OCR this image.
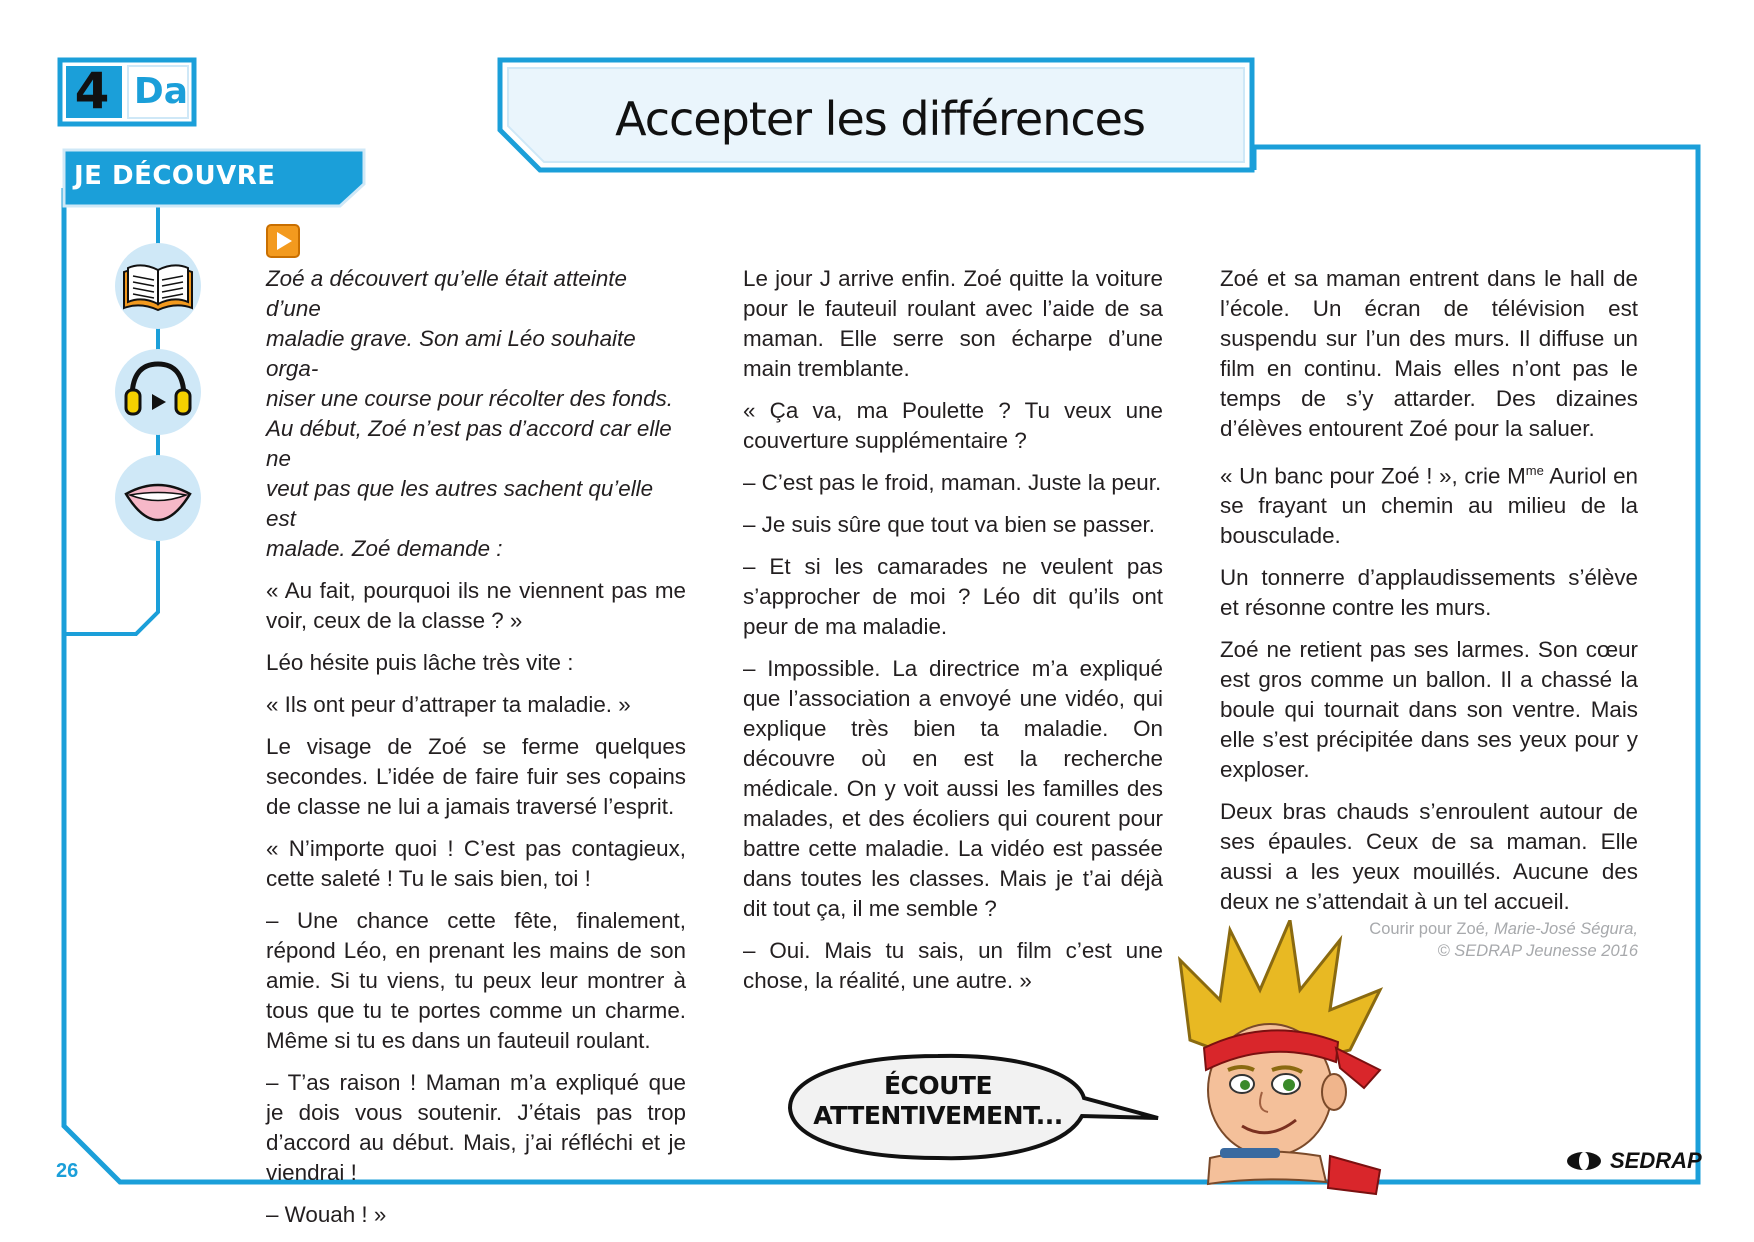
4 Da
Accepter les différences
JE DÉCOUVRE

Zoé a découvert qu’elle était atteinte d’une

maladie grave. Son ami Léo souhaite orga-

niser une course pour récolter des fonds.

Au début, Zoé n’est pas d’accord car elle ne

veut pas que les autres sachent qu’elle est

malade. Zoé demande :

« Au fait, pourquoi ils ne viennent pas me voir, ceux de la classe ? »

Léo hésite puis lâche très vite :

« Ils ont peur d’attraper ta maladie. »

Le visage de Zoé se ferme quelques secondes. L’idée de faire fuir ses copains de classe ne lui a jamais traversé l’esprit.

« N’importe quoi ! C’est pas contagieux, cette saleté ! Tu le sais bien, toi !

– Une chance cette fête, finalement, répond Léo, en prenant les mains de son amie. Si tu viens, tu peux leur montrer à tous que tu te portes comme un charme. Même si tu es dans un fauteuil roulant.

– T’as raison ! Maman m’a expliqué que je dois vous soutenir. J’étais pas trop d’accord au début. Mais, j’ai réfléchi et je viendrai !

– Wouah ! »

Le jour J arrive enfin. Zoé quitte la voiture pour le fauteuil roulant avec l’aide de sa maman. Elle serre son écharpe d’une main tremblante.

« Ça va, ma Poulette ? Tu veux une couverture supplémentaire ?

– C’est pas le froid, maman. Juste la peur.

– Je suis sûre que tout va bien se passer.

– Et si les camarades ne veulent pas s’approcher de moi ? Léo dit qu’ils ont peur de ma maladie.

– Impossible. La directrice m’a expliqué que l’association a envoyé une vidéo, qui explique très bien ta maladie. On découvre où en est la recherche médicale. On y voit aussi les familles des malades, et des écoliers qui courent pour battre cette maladie. La vidéo est passée dans toutes les classes. Mais je t’ai déjà dit tout ça, il me semble ?

– Oui. Mais tu sais, un film c’est une chose, la réalité, une autre. »

Zoé et sa maman entrent dans le hall de l’école. Un écran de télévision est suspendu sur l’un des murs. Il diffuse un film en continu. Mais elles n’ont pas le temps de s’y attarder. Des dizaines d’élèves entourent Zoé pour la saluer.

« Un banc pour Zoé ! », crie $M^{me}$ Auriol en se frayant un chemin au milieu de la bousculade.

Un tonnerre d’applaudissements s’élève et résonne contre les murs.

Zoé ne retient pas ses larmes. Son cœur est gros comme un ballon. Il a chassé la boule qui tournait dans son ventre. Mais elle s’est précipitée dans ses yeux pour y exploser.

Deux bras chauds s’enroulent autour de ses épaules. Ceux de sa maman. Elle aussi a les yeux mouillés. Aucune des deux ne s’attendait à un tel accueil.

Courir pour Zoé, Marie-José Ségura,
© SEDRAP Jeunesse 2016
ÉCOUTE
ATTENTIVEMENT...
26	SEDRAP
